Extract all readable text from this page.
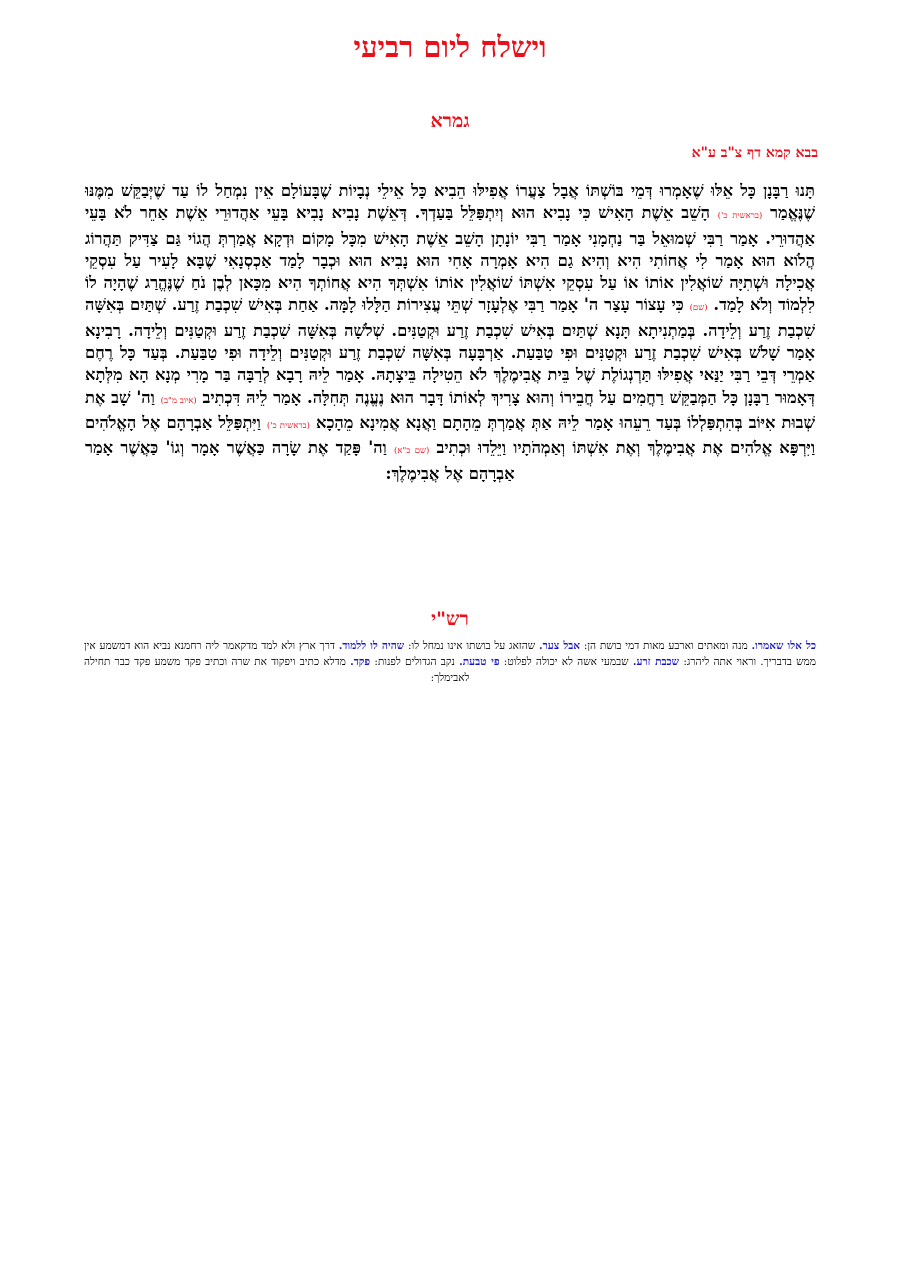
וישלח ליום רביעי
גמרא
בבא קמא דף צ"ב ע"א

תָּנוּ רַבָּנָן כָּל אֵלּוּ שֶׁאָמְרוּ דְּמֵי בּוֹשְׁתּוֹ אֲבָל צַעֲרוֹ אֲפִילּוּ הֵבִיא כָּל אֵילֵי נְבָיוֹת שֶׁבָּעוֹלָם אֵין נִמְחַל לוֹ עַד שֶׁיְּבַקֵּשׁ מִמֶּנּוּ שֶׁנֶּאֱמַר (בראשית כ') הָשֵׁב אֵשֶׁת הָאִישׁ כִּי נָבִיא הוּא וְיִתְפַּלֵּל בַּעַדְךָ. דְּאֵשֶׁת נָבִיא נָבִיא בָּעֵי אַהֲדוּרֵי אֵשֶׁת אַחֵר לֹא בָּעֵי אַהֲדוּרֵי. אָמַר רַבִּי שְׁמוּאֵל בַּר נַחְמָנִי אָמַר רַבִּי יוֹנָתָן הָשֵׁב אֵשֶׁת הָאִישׁ מִכָּל מָקוֹם וּדְקָא אֲמַרְתְּ הֲגוֹי גַּם צַדִּיק תַּהֲרוֹג הֲלֹוא הוּא אָמַר לִי אֲחוֹתִי הִיא וְהִיא גַם הִיא אָמְרָה אָחִי הוּא נָבִיא הוּא וּכְבָר לָמַד אַכְסְנָאִי שֶׁבָּא לָעִיר עַל עִסְקֵי אֲכִילָה וּשְׁתִיָּה שׁוֹאֲלִין אוֹתוֹ אוֹ עַל עִסְקֵי אִשְׁתּוֹ שׁוֹאֲלִין אוֹתוֹ אִשְׁתְּךָ הִיא אֲחוֹתְךָ הִיא מִכָּאן לְבֶן נֹחַ שֶׁנֶּהֱרַג שֶׁהָיָה לוֹ לִלְמוֹד וְלֹא לָמַד. (שם) כִּי עָצוֹר עָצַר ה' אָמַר רַבִּי אֶלְעָזָר שְׁתֵּי עֲצִירוֹת הַלָּלוּ לָמָּה. אַחַת בְּאִישׁ שִׁכְבַת זֶרַע. שְׁתַּיִם בְּאִשָּׁה שִׁכְבַת זֶרַע וְלֵידָה. בְּמַתְנִיתָא תָּנָא שְׁתַּיִם בְּאִישׁ שִׁכְבַת זֶרַע וּקְטַנִּים. שְׁלֹשָׁה בְּאִשָּׁה שִׁכְבַת זֶרַע וּקְטַנִּים וְלֵידָה. רָבִינָא אָמַר שָׁלֹשׁ בְּאִישׁ שִׁכְבַת זֶרַע וּקְטַנִּים וּפִי טַבַּעַת. אַרְבָּעָה בְּאִשָּׁה שִׁכְבַת זֶרַע וּקְטַנִּים וְלֵידָה וּפִי טַבַּעַת. בְּעַד כָּל רֶחֶם אַמְרֵי דְּבֵי רַבִּי יַנַּאי אֲפִילּוּ תַּרְנְגוֹלֶת שֶׁל בֵּית אֲבִימֶלֶךְ לֹא הֵטִילָה בֵּיצָתָהּ. אָמַר לֵיהּ רָבָא לְרַבָּה בַּר מָרִי מְנָא הָא מִלְּתָא דְּאָמוּר רַבָּנָן כָּל הַמְּבַקֵּשׁ רַחֲמִים עַל חֲבֵירוֹ וְהוּא צָרִיךְ לְאוֹתוֹ דָּבָר הוּא נֶעֱנֶה תְּחִלָּה. אָמַר לֵיהּ דִּכְתִיב (איוב מ"ב) וַה' שָׁב אֶת שְׁבוּת אִיּוֹב בְּהִתְפַּלְלוֹ בְּעַד רֵעֵהוּ אָמַר לֵיהּ אַתְּ אֲמַרְתְּ מֵהָתָם וַאֲנָא אֲמִינָא מֵהָכָא (בראשית כ') וַיִּתְפַּלֵּל אַבְרָהָם אֶל הָאֱלֹהִים וַיִּרְפָּא אֱלֹהִים אֶת אֲבִימֶלֶךְ וְאֶת אִשְׁתּוֹ וְאַמְהֹתָיו וַיֵּלֵדוּ וּכְתִיב (שם כ"א) וַה' פָּקַד אֶת שָׂרָה כַּאֲשֶׁר אָמָר וְגוֹ' כַּאֲשֶׁר אָמַר אַבְרָהָם אֶל אֲבִימֶלֶךְ:

רש"י

כל אלו שאמרו. מנה ומאתים וארבע מאות דמי בושת הן: אבל צער. שהזאג על בושתו אינו נמחל לו: שהיה לו ללמוד. דרך ארץ ולא למד מדקאמר ליה רחמנא נביא הוא דמשמע אין ממש בדבריך. וראוי אתה ליהרג: שכבת זרע. שבמעי אשה לא יכולה לפלוט: פי טבעת. נקב הגדולים לפנות: פקד. מדלא כתיב ויפקוד את שרה וכתיב פקד משמע פקד כבר תחילה לאבימלך:
